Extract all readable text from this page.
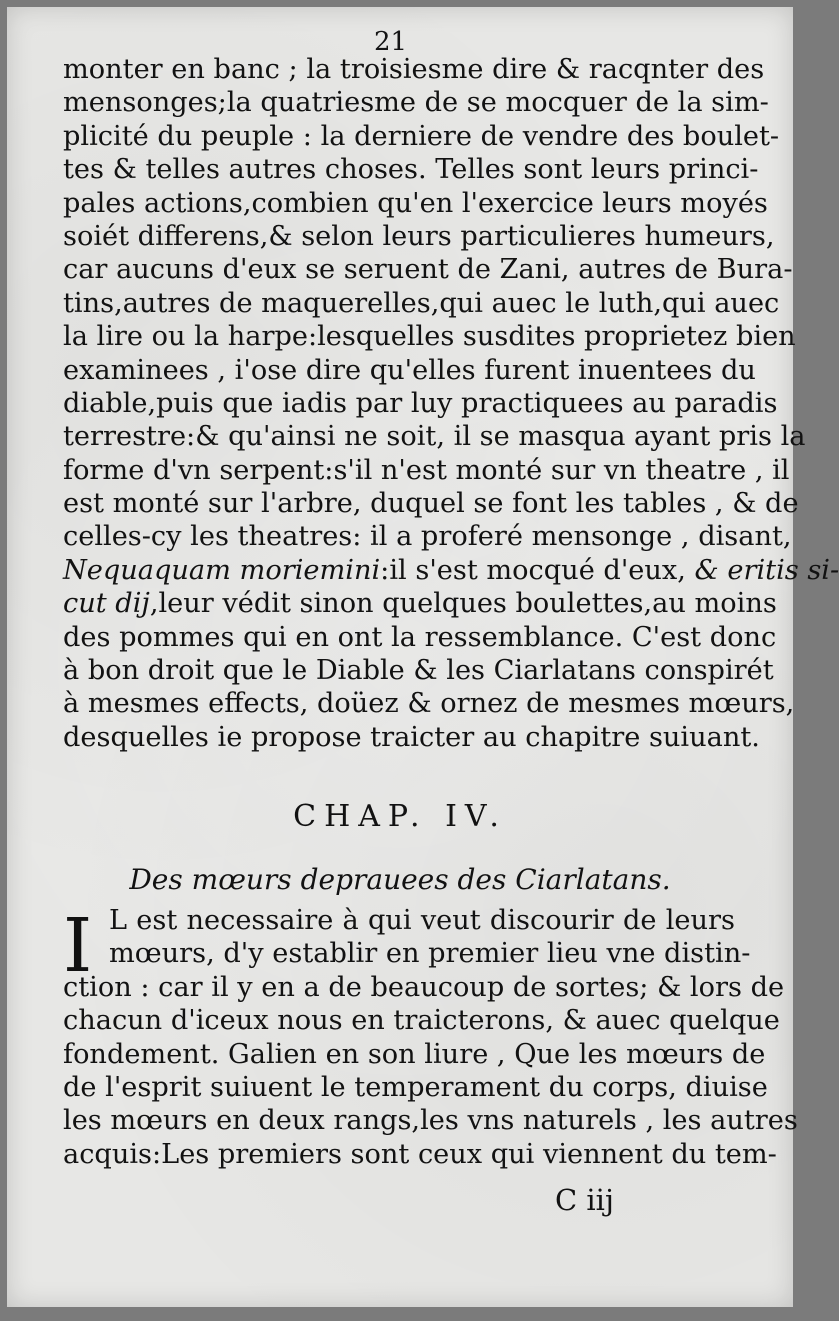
21
monter en banc ; la troisiesme dire & racqnter des
mensonges;la quatriesme de se mocquer de la sim-
plicité du peuple : la derniere de vendre des boulet-
tes & telles autres choses. Telles sont leurs princi-
pales actions,combien qu'en l'exercice leurs moyés
soiét differens,& selon leurs particulieres humeurs,
car aucuns d'eux se seruent de Zani, autres de Bura-
tins,autres de maquerelles,qui auec le luth,qui auec
la lire ou la harpe:lesquelles susdites proprietez bien
examinees , i'ose dire qu'elles furent inuentees du
diable,puis que iadis par luy practiquees au paradis
terrestre:& qu'ainsi ne soit, il se masqua ayant pris la
forme d'vn serpent:s'il n'est monté sur vn theatre , il
est monté sur l'arbre, duquel se font les tables , & de
celles-cy les theatres: il a proferé mensonge , disant,
Nequaquam moriemini:il s'est mocqué d'eux, & eritis si-
cut dij,leur védit sinon quelques boulettes,au moins
des pommes qui en ont la ressemblance. C'est donc
à bon droit que le Diable & les Ciarlatans conspirét
à mesmes effects, doüez & ornez de mesmes mœurs,
desquelles ie propose traicter au chapitre suiuant.
CHAP. IV.
Des mœurs deprauees des Ciarlatans.
I L est necessaire à qui veut discourir de leurs
mœurs, d'y establir en premier lieu vne distin-
ction : car il y en a de beaucoup de sortes; & lors de
chacun d'iceux nous en traicterons, & auec quelque
fondement. Galien en son liure , Que les mœurs de
de l'esprit suiuent le temperament du corps, diuise
les mœurs en deux rangs,les vns naturels , les autres
acquis:Les premiers sont ceux qui viennent du tem-
C iij
